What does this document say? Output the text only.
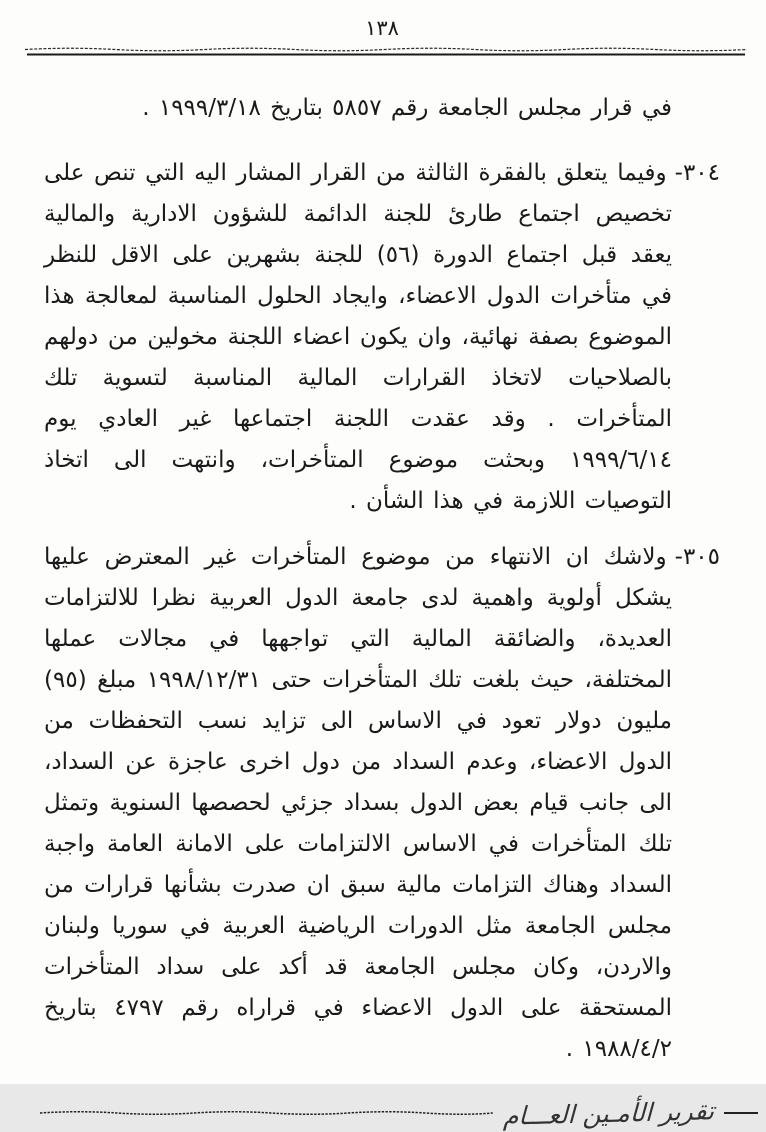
١٣٨

في قرار مجلس الجامعة رقم ٥٨٥٧ بتاريخ ١٩٩٩/٣/١٨ .

٣٠٤-وفيما يتعلق بالفقرة الثالثة من القرار المشار اليه التي تنص على تخصيص اجتماع طارئ للجنة الدائمة للشؤون الادارية والمالية يعقد قبل اجتماع الدورة (٥٦) للجنة بشهرين على الاقل للنظر في متأخرات الدول الاعضاء، وايجاد الحلول المناسبة لمعالجة هذا الموضوع بصفة نهائية، وان يكون اعضاء اللجنة مخولين من دولهم بالصلاحيات لاتخاذ القرارات المالية المناسبة لتسوية تلك المتأخرات . وقد عقدت اللجنة اجتماعها غير العادي يوم ١٩٩٩/٦/١٤ وبحثت موضوع المتأخرات، وانتهت الى اتخاذ التوصيات اللازمة في هذا الشأن .

٣٠٥-ولاشك ان الانتهاء من موضوع المتأخرات غير المعترض عليها يشكل أولوية واهمية لدى جامعة الدول العربية نظرا للالتزامات العديدة، والضائقة المالية التي تواجهها في مجالات عملها المختلفة، حيث بلغت تلك المتأخرات حتى ١٩٩٨/١٢/٣١ مبلغ (٩٥) مليون دولار تعود في الاساس الى تزايد نسب التحفظات من الدول الاعضاء، وعدم السداد من دول اخرى عاجزة عن السداد، الى جانب قيام بعض الدول بسداد جزئي لحصصها السنوية وتمثل تلك المتأخرات في الاساس الالتزامات على الامانة العامة واجبة السداد وهناك التزامات مالية سبق ان صدرت بشأنها قرارات من مجلس الجامعة مثل الدورات الرياضية العربية في سوريا ولبنان والاردن، وكان مجلس الجامعة قد أكد على سداد المتأخرات المستحقة على الدول الاعضاء في قراراه رقم ٤٧٩٧ بتاريخ ١٩٨٨/٤/٢ .

تقرير الأمـين العـــام
